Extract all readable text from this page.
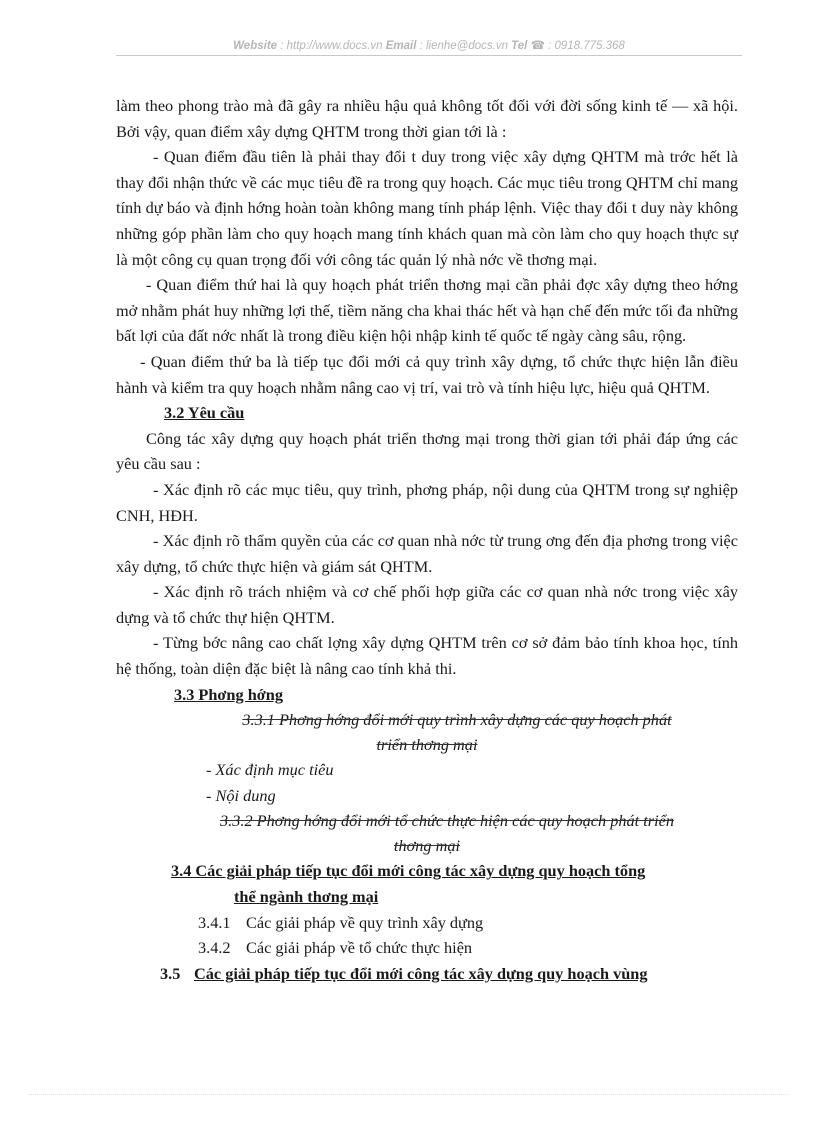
Website : http://www.docs.vn Email : lienhe@docs.vn Tel ☎ : 0918.775.368

làm theo phong trào mà đã gây ra nhiều hậu quả không tốt đối với đời sống kinh tế — xã hội. Bởi vậy, quan điểm xây dựng QHTM trong thời gian tới là :

- Quan điểm đầu tiên là phải thay đổi t duy trong việc xây dựng QHTM mà trớc hết là thay đổi nhận thức về các mục tiêu đề ra trong quy hoạch. Các mục tiêu trong QHTM chỉ mang tính dự báo và định hớng hoàn toàn không mang tính pháp lệnh. Việc thay đổi t duy này không những góp phần làm cho quy hoạch mang tính khách quan mà còn làm cho quy hoạch thực sự là một công cụ quan trọng đối với công tác quản lý nhà nớc về thơng mại.

- Quan điểm thứ hai là quy hoạch phát triển thơng mại cần phải đợc xây dựng theo hớng mở nhằm phát huy những lợi thế, tiềm năng cha khai thác hết và hạn chế đến mức tối đa những bất lợi của đất nớc nhất là trong điều kiện hội nhập kinh tế quốc tế ngày càng sâu, rộng.

- Quan điểm thứ ba là tiếp tục đổi mới cả quy trình xây dựng, tổ chức thực hiện lẫn điều hành và kiểm tra quy hoạch nhằm nâng cao vị trí, vai trò và tính hiệu lực, hiệu quả QHTM.

3.2 Yêu cầu

Công tác xây dựng quy hoạch phát triển thơng mại trong thời gian tới phải đáp ứng các yêu cầu sau :

- Xác định rõ các mục tiêu, quy trình, phơng pháp, nội dung của QHTM trong sự nghiệp CNH, HĐH.

- Xác định rõ thẩm quyền của các cơ quan nhà nớc từ trung ơng đến địa phơng trong việc xây dựng, tổ chức thực hiện và giám sát QHTM.

- Xác định rõ trách nhiệm và cơ chế phối hợp giữa các cơ quan nhà nớc trong việc xây dựng và tổ chức thự hiện QHTM.

- Từng bớc nâng cao chất lợng xây dựng QHTM trên cơ sở đảm bảo tính khoa học, tính hệ thống, toàn diện đặc biệt là nâng cao tính khả thi.

3.3 Phơng hớng

3.3.1 Phơng hớng đổi mới quy trình xây dựng các quy hoạch phát

triển thơng mại

- Xác định mục tiêu

- Nội dung

3.3.2 Phơng hớng đổi mới tổ chức thực hiện các quy hoạch phát triển

thơng mại

3.4 Các giải pháp tiếp tục đổi mới công tác xây dựng quy hoạch tổng
thể ngành thơng mại

3.4.1 Các giải pháp về quy trình xây dựng

3.4.2 Các giải pháp về tổ chức thực hiện

3.5 Các giải pháp tiếp tục đổi mới công tác xây dựng quy hoạch vùng
